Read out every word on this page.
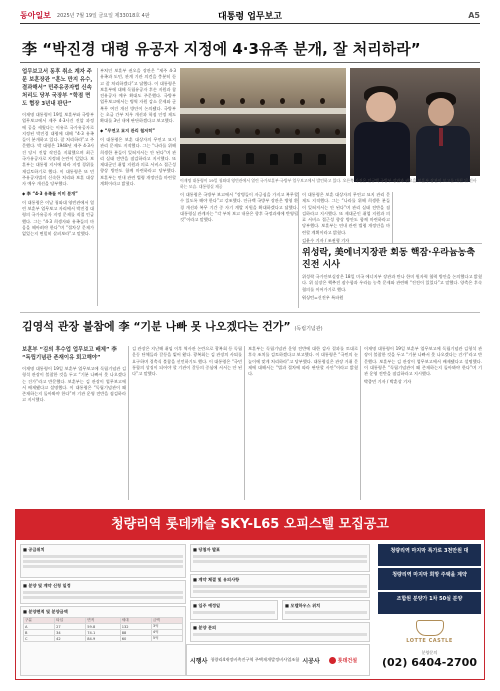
동아일보 2025년 7월 19일 금요일 제33018호 4판	대통령 업무보고	A5
李 “박진경 대령 유공자 지정에 4·3유족 분개, 잘 처리하라”
업무보고서 동후 취소 계자 주문 보훈장관 “훈노 만지 유수, 결과해서” 민주유공자법 신속 처리도 당부 국장부 “학점 면도 협장 3년내 판단”
이재명 대통령이 19일 보훈부와 국방부 업무보고에서 제주 4·3사건 진압 과정에 공을 세웠다는 이유로 국가유공자로 지정된 박진경 대령에 대해 “4·3 유족들이 분개하고 있다. 잘 처리하라”고 주문했다. 박 대령은 1948년 제주 4·3사건 당시 진압 작전을 지휘했으며 최근 국가유공자로 지정돼 논란이 일었다. 보훈부는 대통령 지시에 따라 지정 경위를 재검토하기로 했다. 이 대통령은 또 민주유공자법의 신속한 처리와 보훈 대상자 예우 개선을 당부했다.
◆ 李 “4·3 유족들 이미 분개”
이 대통령은 이날 청와대 영빈관에서 열린 보훈부 업무보고 자리에서 박진경 대령의 국가유공자 지정 문제를 직접 언급했다. 그는 “4·3 희생자와 유족들의 마음을 헤아려야 한다”며 “절차상 문제가 없었는지 면밀히 살펴보라”고 말했다.
부처인 보훈부 권오을 장관은 “제주 4·3 유족과 도민, 관계 기관 의견을 충분히 듣고 잘 처리하겠다”고 답했다. 이 대통령은 보훈부에 대해 독립유공자 후손 지원과 참전유공자 예우 확대도 주문했다. 국방부 업무보고에서는 병역 자원 감소 문제와 군 복무 여건 개선 방안이 논의됐다. 국방부는 초급 간부 처우 개선과 학점 인정 제도 확대를 3년 내에 판단하겠다고 보고했다.
◆ “무연고 묘지 관리 철저히”
이 대통령은 보훈 대상자의 무연고 묘지 관리 문제도 지적했다. 그는 “나라를 위해 희생한 분들이 잊혀져서는 안 된다”며 관리 실태 전반을 점검하라고 지시했다. 또 제대군인 취업 지원과 의료 서비스 접근성 향상 방안도 함께 마련하라고 당부했다. 보훈부는 연내 관련 법령 개정안을 마련할 계획이라고 밝혔다.
이재명 대통령이 19일 청와대 영빈관에서 열린 국가보훈부·국방부 업무보고에서 발언하고 있다. 오른쪽 사진은 안규백 국방부 장관과 권오을 보훈부 장관이 보고를 마친 뒤 인사하는 모습. 대통령실 제공
이 대통령은 국방부 보고에서 “장병들이 자긍심을 가지고 복무할 수 있도록 해야 한다”고 강조했다. 안규백 국방부 장관은 병영 환경 개선과 복무 기간 중 자기 계발 지원을 확대하겠다고 답했다. 대통령실 관계자는 “각 부처 보고 내용은 향후 국정과제에 반영될 것”이라고 말했다.
이 대통령은 보훈 대상자의 무연고 묘지 관리 문제도 지적했다. 그는 “나라를 위해 희생한 분들이 잊혀져서는 안 된다”며 관리 실태 전반을 점검하라고 지시했다. 또 제대군인 취업 지원과 의료 서비스 접근성 향상 방안도 함께 마련하라고 당부했다. 보훈부는 연내 관련 법령 개정안을 마련할 계획이라고 밝혔다.
김윤수 기자 / 조권형 기자
위성락, 美에너지장관 회동 핵잠·우라늄농축 진전 시사
위성락 국가안보실장은 18일 미국 에너지부 장관과 만나 한미 원자력 협력 방안을 논의했다고 밝혔다. 위 실장은 핵추진 잠수함과 우라늄 농축 문제와 관련해 “진전이 있었다”고 말했다. 양측은 후속 협의를 이어가기로 했다.
워싱턴=신진우 특파원
김영석 관장 불참에 李 “기분 나빠 못 나오겠다는 건가” (독립기념관)
보훈부 “김의 후수업 업무보고 배제” 李 “독립기념관 존재이유 회고해야”
이재명 대통령이 19일 보훈부 업무보고에 독립기념관 김형석 관장이 불참한 것을 두고 “기분 나빠서 못 나오겠다는 건가”라고 반문했다. 보훈부는 김 관장이 업무보고에서 배제됐다고 설명했다. 이 대통령은 “독립기념관이 왜 존재하는지 돌아봐야 한다”며 기관 운영 전반을 점검하라고 지시했다.
김 관장은 지난해 취임 이후 역사관 논란으로 광복회 등 독립운동 단체들과 갈등을 빚어 왔다. 광복회는 김 관장의 사퇴를 요구하며 경축식 불참을 선언하기도 했다. 이 대통령은 “국민 통합의 상징이 되어야 할 기관이 갈등의 중심에 서서는 안 된다”고 말했다.
보훈부는 독립기념관 운영 전반에 대한 감사 결과를 토대로 후속 조치를 검토하겠다고 보고했다. 이 대통령은 “국민의 눈높이에 맞게 처리하라”고 당부했다. 대통령실은 관장 거취 문제에 대해서는 “법과 절차에 따라 판단할 사안”이라고 밝혔다.
이재명 대통령이 19일 보훈부 업무보고에 독립기념관 김형석 관장이 불참한 것을 두고 “기분 나빠서 못 나오겠다는 건가”라고 반문했다. 보훈부는 김 관장이 업무보고에서 배제됐다고 설명했다. 이 대통령은 “독립기념관이 왜 존재하는지 돌아봐야 한다”며 기관 운영 전반을 점검하라고 지시했다.
박종민 기자 / 박훈상 기자
청량리역 롯데캐슬 SKY-L65 오피스텔 모집공고
■ 공급위치
■ 분양 및 계약 신청 일정
■ 분양면적 및 분양금액
구분	타입	면적	세대	금액
A	27	59.8	132	3억
B	34	74.1	88	4억
C	42	84.9	60	5억
■ 당첨자 발표
■ 계약 체결 및 유의사항
■ 입주 예정일	■ 모델하우스 위치
■ 분양 문의
시행사 청량리4재정비촉진구역 주택재개발정비사업조합 시공사	롯데건설
청량리역 마지막 특가로 3천만원 대
청량리역 마지막 희망 주택을 계약
조합원 분양가 1차 50실 분양
LOTTE CASTLE
분양문의
(02) 6404-2700
